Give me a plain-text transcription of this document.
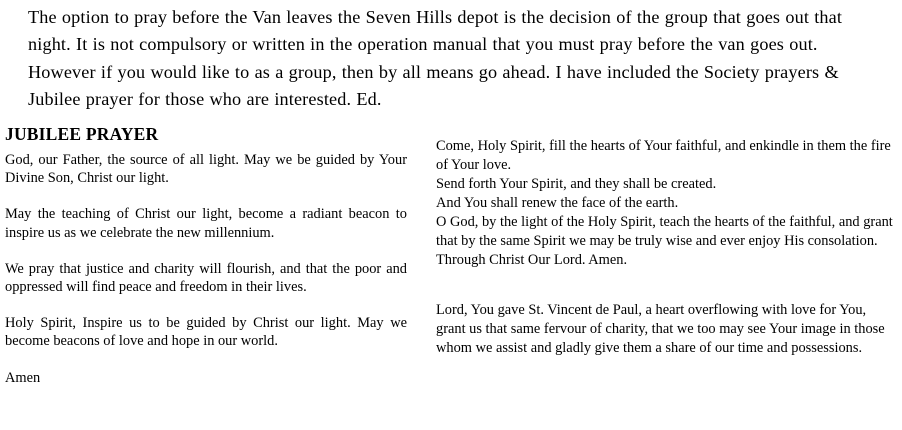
The option to pray before the Van leaves the Seven Hills depot is the decision of the group that goes out that night. It is not compulsory or written in the operation manual that you must pray before the van goes out. However if you would like to as a group, then by all means go ahead. I have included the Society prayers & Jubilee prayer for those who are interested. Ed.

JUBILEE PRAYER

God, our Father, the source of all light. May we be guided by Your Divine Son, Christ our light.

May the teaching of Christ our light, become a radiant beacon to inspire us as we celebrate the new millennium.

We pray that justice and charity will flourish, and that the poor and oppressed will find peace and freedom in their lives.

Holy Spirit, Inspire us to be guided by Christ our light. May we become beacons of love and hope in our world.

Amen

Come, Holy Spirit, fill the hearts of Your faithful, and enkindle in them the fire of Your love.
Send forth Your Spirit, and they shall be created.
And You shall renew the face of the earth.
O God, by the light of the Holy Spirit, teach the hearts of the faithful, and grant that by the same Spirit we may be truly wise and ever enjoy His consolation.
Through Christ Our Lord. Amen.

Lord, You gave St. Vincent de Paul, a heart overflowing with love for You, grant us that same fervour of charity, that we too may see Your image in those whom we assist and gladly give them a share of our time and possessions.
